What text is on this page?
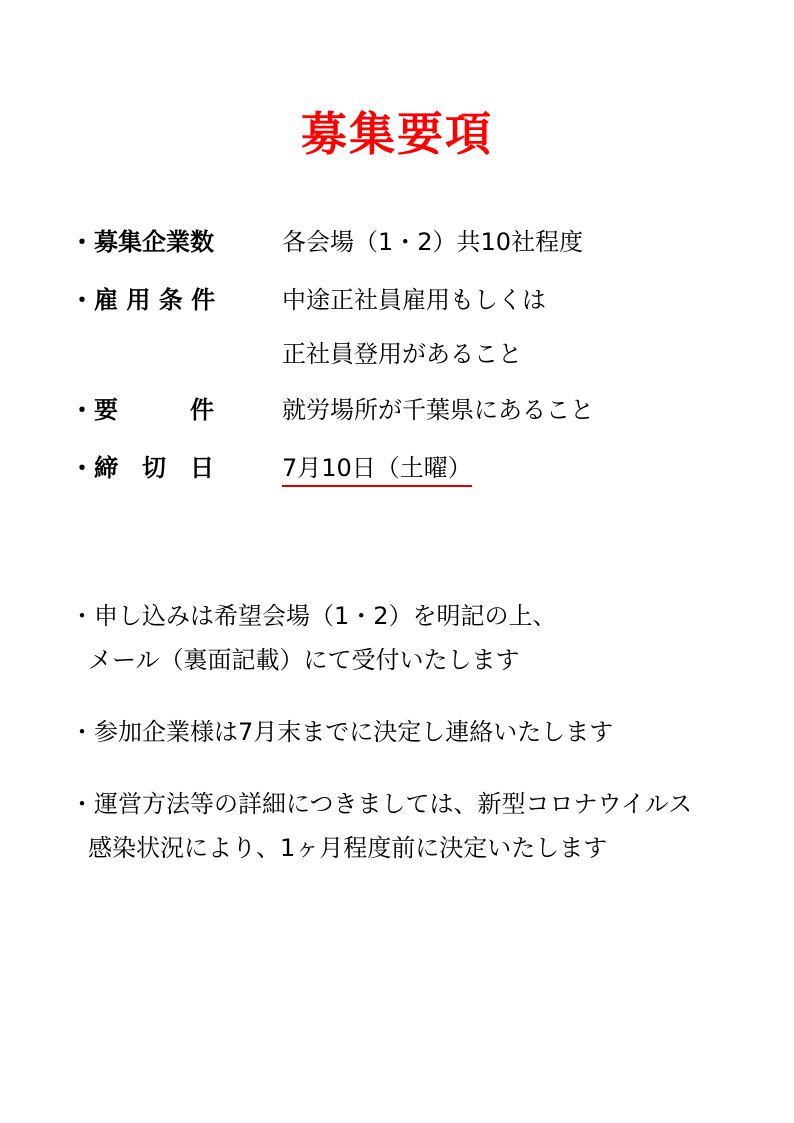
募集要項
・募集企業数	各会場（1・2）共10社程度
・雇 用 条 件	中途正社員雇用もしくは
正社員登用があること
・要　　　件	就労場所が千葉県にあること
・締　切　日	7月10日（土曜）
・申し込みは希望会場（1・2）を明記の上、
メール（裏面記載）にて受付いたします
・参加企業様は7月末までに決定し連絡いたします
・運営方法等の詳細につきましては、新型コロナウイルス
感染状況により、1ヶ月程度前に決定いたします
